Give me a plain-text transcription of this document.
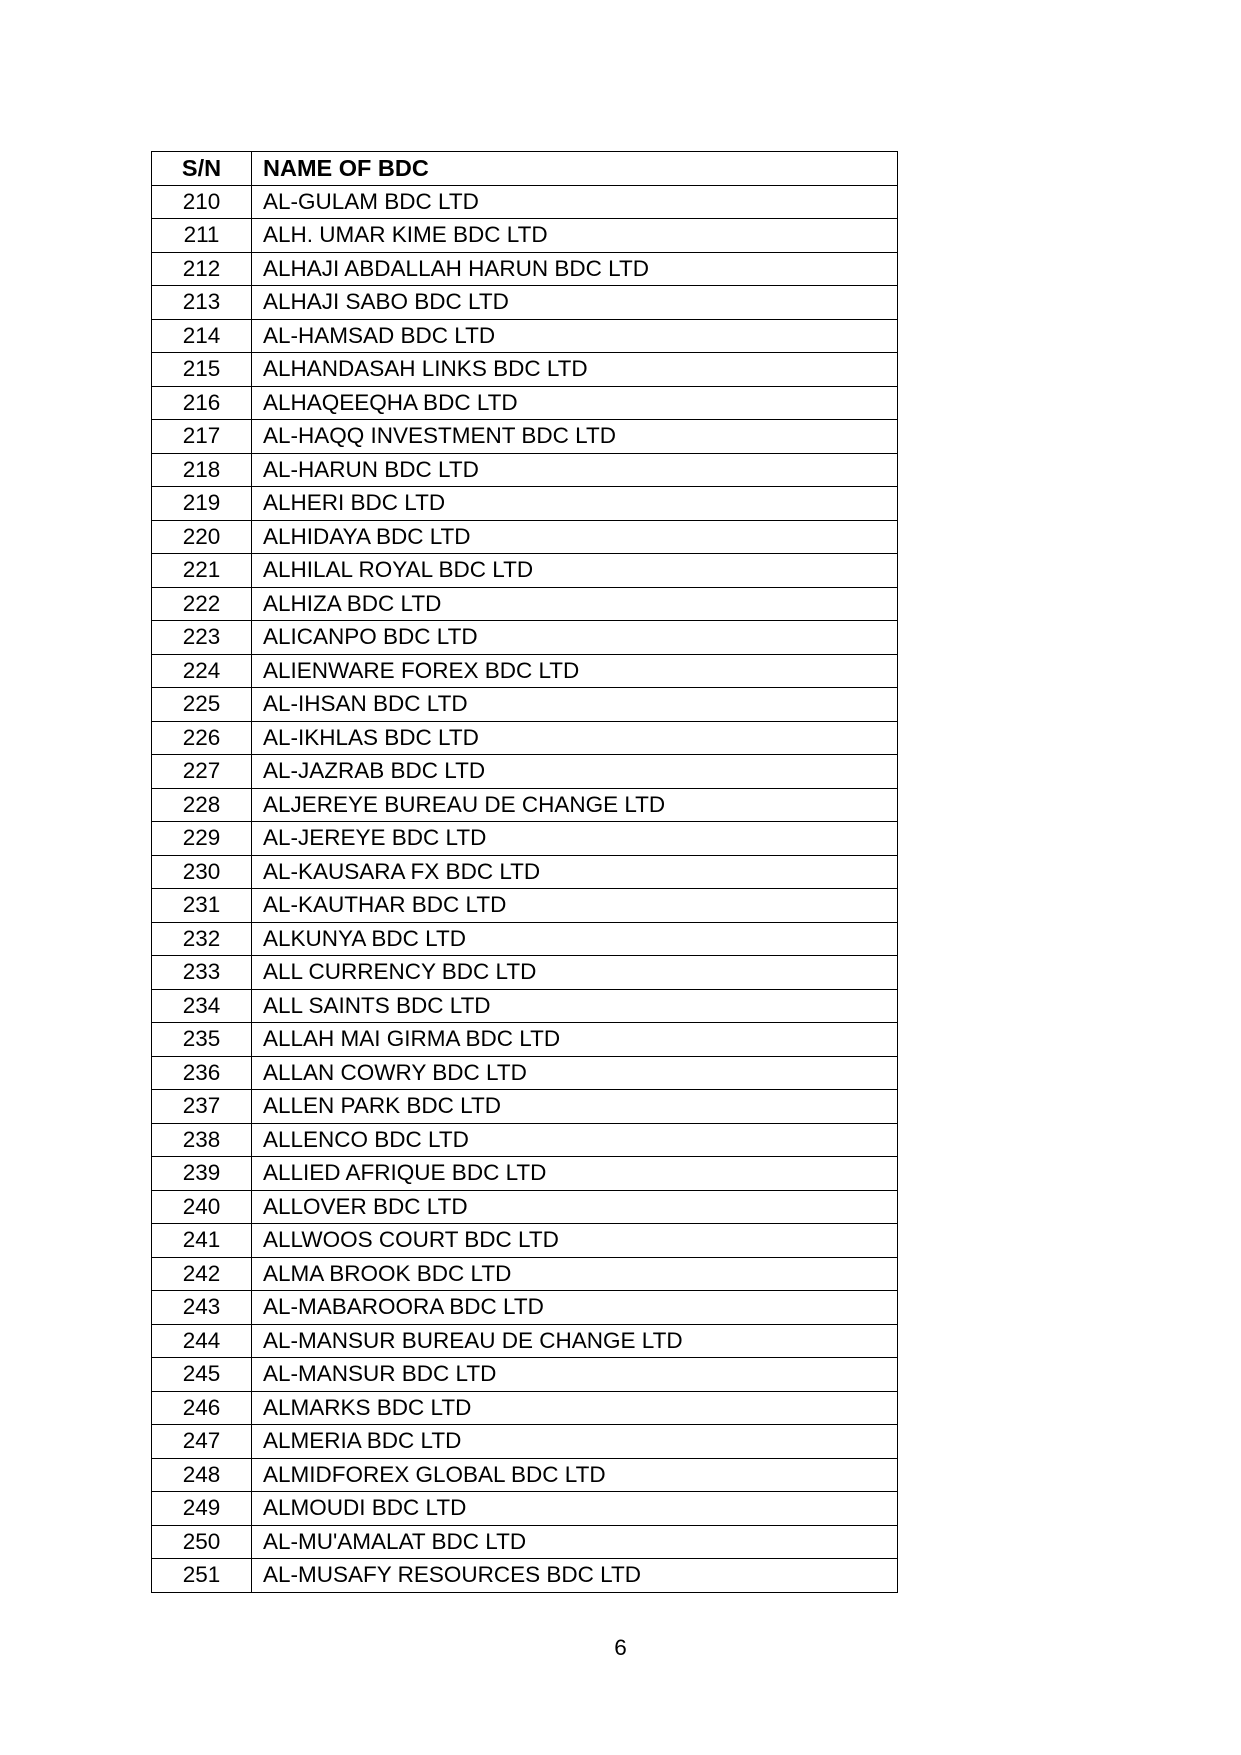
S/N	NAME OF BDC
210	AL-GULAM BDC LTD
211	ALH. UMAR KIME BDC LTD
212	ALHAJI ABDALLAH HARUN BDC LTD
213	ALHAJI SABO BDC LTD
214	AL-HAMSAD BDC LTD
215	ALHANDASAH LINKS BDC LTD
216	ALHAQEEQHA BDC LTD
217	AL-HAQQ INVESTMENT BDC LTD
218	AL-HARUN BDC LTD
219	ALHERI BDC LTD
220	ALHIDAYA BDC LTD
221	ALHILAL ROYAL BDC LTD
222	ALHIZA BDC LTD
223	ALICANPO BDC LTD
224	ALIENWARE FOREX BDC LTD
225	AL-IHSAN BDC LTD
226	AL-IKHLAS BDC LTD
227	AL-JAZRAB BDC LTD
228	ALJEREYE BUREAU DE CHANGE LTD
229	AL-JEREYE BDC LTD
230	AL-KAUSARA FX BDC LTD
231	AL-KAUTHAR BDC LTD
232	ALKUNYA BDC LTD
233	ALL CURRENCY BDC LTD
234	ALL SAINTS BDC LTD
235	ALLAH MAI GIRMA BDC LTD
236	ALLAN COWRY BDC LTD
237	ALLEN PARK BDC LTD
238	ALLENCO BDC LTD
239	ALLIED AFRIQUE BDC LTD
240	ALLOVER BDC LTD
241	ALLWOOS COURT BDC LTD
242	ALMA BROOK BDC LTD
243	AL-MABAROORA BDC LTD
244	AL-MANSUR BUREAU DE CHANGE LTD
245	AL-MANSUR BDC LTD
246	ALMARKS BDC LTD
247	ALMERIA BDC LTD
248	ALMIDFOREX GLOBAL BDC LTD
249	ALMOUDI BDC LTD
250	AL-MU'AMALAT BDC LTD
251	AL-MUSAFY RESOURCES BDC LTD
6
